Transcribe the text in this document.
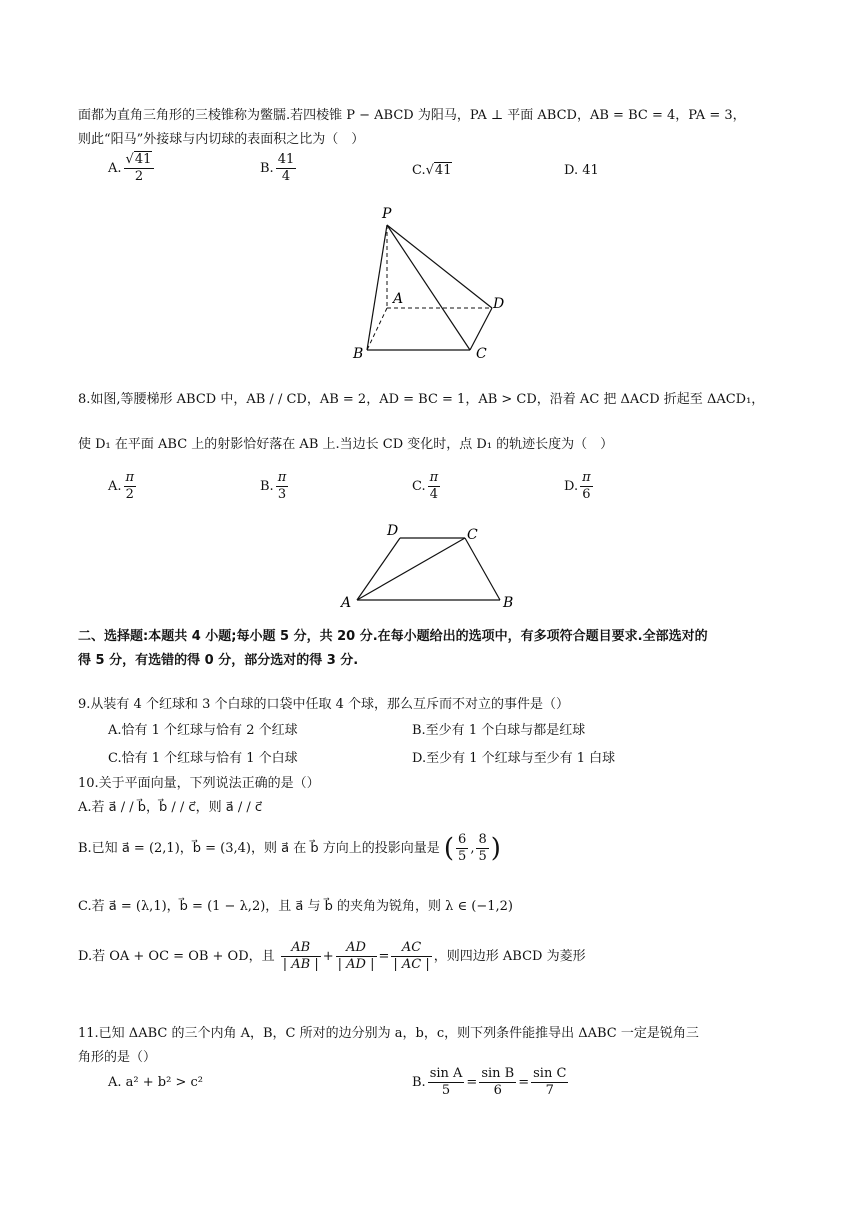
面都为直角三角形的三棱锥称为鳖臑.若四棱锥 P − ABCD 为阳马，PA ⊥ 平面 ABCD，AB = BC = 4，PA = 3，
则此“阳马”外接球与内切球的表面积之比为（　）
A. $\frac{√41}{2}$	B. $\frac{41}{4}$	C.√41	D. 41
P
A	D
B	C
8.如图,等腰梯形 ABCD 中，AB / / CD，AB = 2，AD = BC = 1，AB > CD，沿着 AC 把 ΔACD 折起至 ΔACD₁，
使 D₁ 在平面 ABC 上的射影恰好落在 AB 上.当边长 CD 变化时，点 D₁ 的轨迹长度为（　）
A. $\frac{\pi}{2}$	B. $\frac{\pi}{3}$	C. $\frac{\pi}{4}$	D. $\frac{\pi}{6}$
D	C
A	B
二、选择题:本题共 4 小题;每小题 5 分，共 20 分.在每小题给出的选项中，有多项符合题目要求.全部选对的
得 5 分，有选错的得 0 分，部分选对的得 3 分.
9.从装有 4 个红球和 3 个白球的口袋中任取 4 个球，那么互斥而不对立的事件是（）
A.恰有 1 个红球与恰有 2 个红球	B.至少有 1 个白球与都是红球
C.恰有 1 个红球与恰有 1 个白球	D.至少有 1 个红球与至少有 1 白球
10.关于平面向量，下列说法正确的是（）
A.若 a⃗ / / b⃗，b⃗ / / c⃗，则 a⃗ / / c⃗
B.已知 a⃗ = (2,1)，b⃗ = (3,4)，则 a⃗ 在 b⃗ 方向上的投影向量是 ( $\frac{6}{5}$ , $\frac{8}{5}$ )
C.若 a⃗ = (λ,1)，b⃗ = (1 − λ,2)，且 a⃗ 与 b⃗ 的夹角为锐角，则 λ ∈ (−1,2)
D.若 OA + OC = OB + OD，且 $\frac{AB}{| AB |} + \frac{AD}{| AD |} = \frac{AC}{| AC |}$ ，则四边形 ABCD 为菱形
11.已知 ΔABC 的三个内角 A，B，C 所对的边分别为 a，b，c，则下列条件能推导出 ΔABC 一定是锐角三
角形的是（）
A. a² + b² > c²	B. $\frac{\text{sin A}}{5} = \frac{\text{sin B}}{6} = \frac{\text{sin C}}{7}$
